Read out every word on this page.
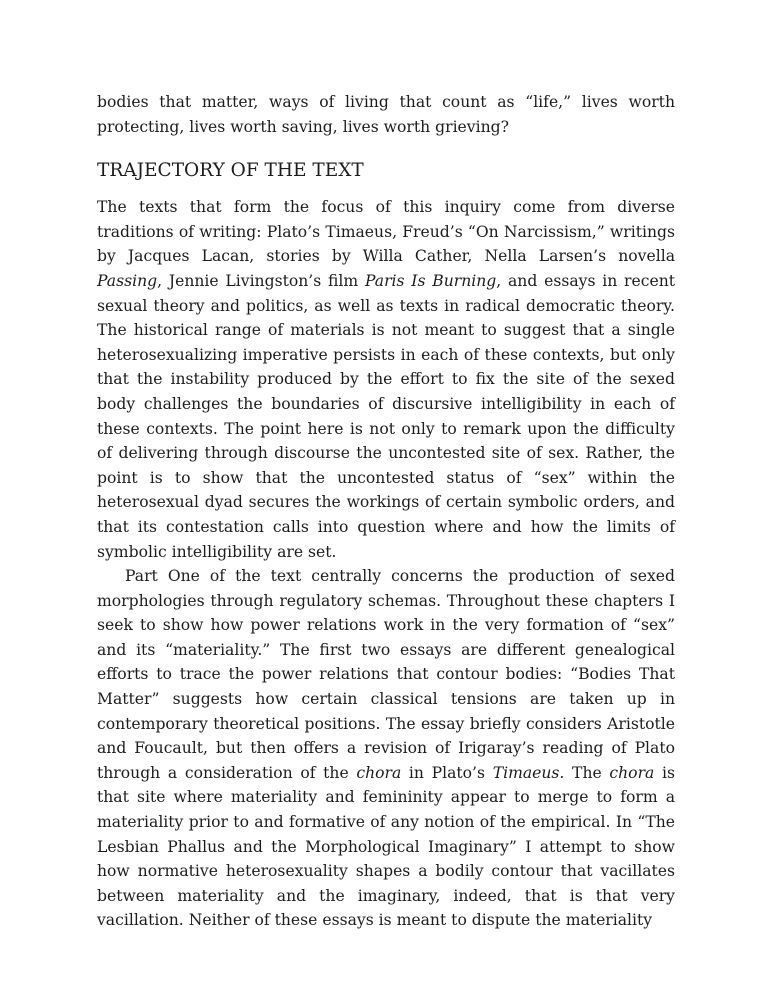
bodies that matter, ways of living that count as “life,” lives worth protecting, lives worth saving, lives worth grieving?

TRAJECTORY OF THE TEXT

The texts that form the focus of this inquiry come from diverse traditions of writing: Plato’s Timaeus, Freud’s “On Narcissism,” writings by Jacques Lacan, stories by Willa Cather, Nella Larsen’s novella Passing, Jennie Livingston’s film Paris Is Burning, and essays in recent sexual theory and politics, as well as texts in radical democratic theory. The historical range of materials is not meant to suggest that a single heterosexualizing imperative persists in each of these contexts, but only that the instability produced by the effort to fix the site of the sexed body challenges the boundaries of discursive intelligibility in each of these contexts. The point here is not only to remark upon the difficulty of delivering through discourse the uncontested site of sex. Rather, the point is to show that the uncontested status of “sex” within the heterosexual dyad secures the workings of certain symbolic orders, and that its contestation calls into question where and how the limits of symbolic intelligibility are set.

Part One of the text centrally concerns the production of sexed morphologies through regulatory schemas. Throughout these chapters I seek to show how power relations work in the very formation of “sex” and its “materiality.” The first two essays are different genealogical efforts to trace the power relations that contour bodies: “Bodies That Matter” suggests how certain classical tensions are taken up in contemporary theoretical positions. The essay briefly considers Aristotle and Foucault, but then offers a revision of Irigaray’s reading of Plato through a consideration of the chora in Plato’s Timaeus. The chora is that site where materiality and femininity appear to merge to form a materiality prior to and formative of any notion of the empirical. In “The Lesbian Phallus and the Morphological Imaginary” I attempt to show how normative heterosexuality shapes a bodily contour that vacillates between materiality and the imaginary, indeed, that is that very vacillation. Neither of these essays is meant to dispute the materiality
